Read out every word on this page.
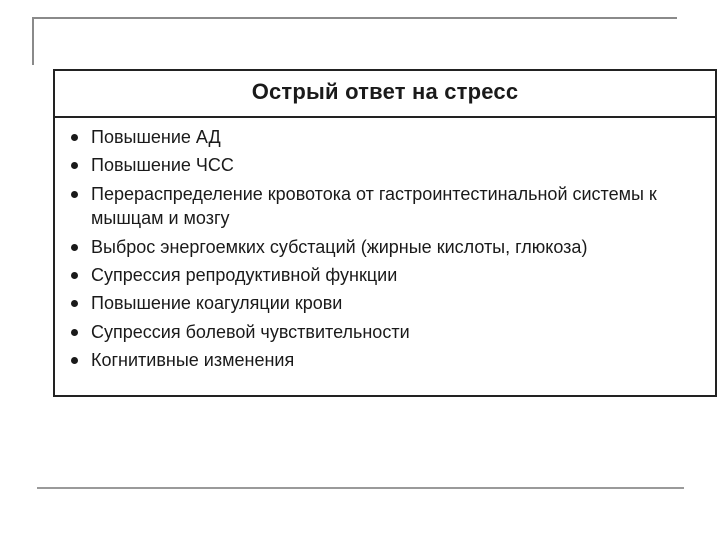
Острый ответ на стресс
Повышение АД
Повышение ЧСС
Перераспределение кровотока от гастроинтестинальной системы к мышцам и мозгу
Выброс энергоемких субстаций (жирные кислоты, глюкоза)
Супрессия репродуктивной функции
Повышение коагуляции крови
Супрессия болевой чувствительности
Когнитивные изменения
